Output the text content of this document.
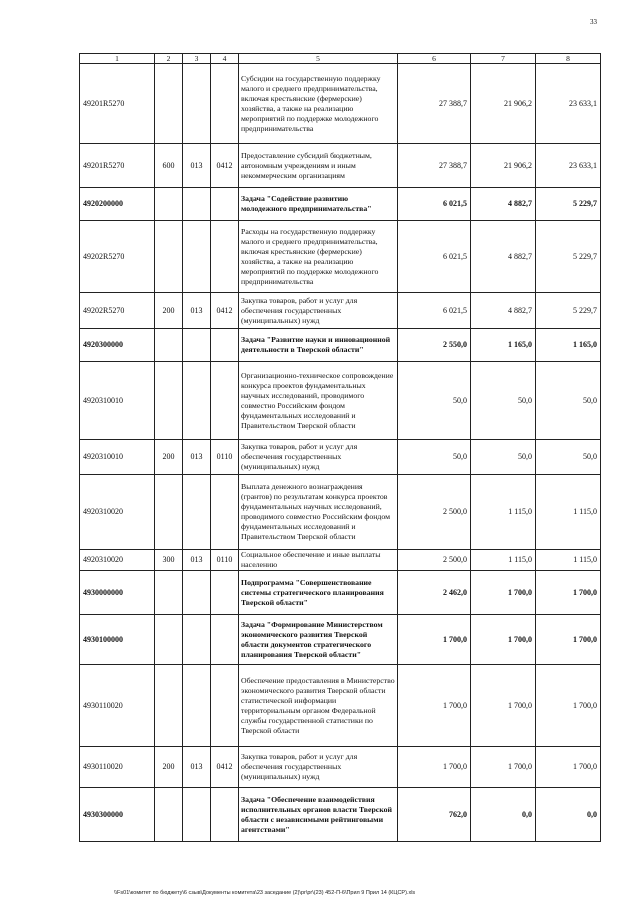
33
1	2	3	4	5	6	7	8
49201R5270				Субсидии на государственную поддержку малого и среднего предпринимательства, включая крестьянские (фермерские) хозяйства, а также на реализацию мероприятий по поддержке молодежного предпринимательства	27 388,7	21 906,2	23 633,1
49201R5270	600	013	0412	Предоставление субсидий бюджетным, автономным учреждениям и иным некоммерческим организациям	27 388,7	21 906,2	23 633,1
4920200000				Задача "Содействие развитию молодежного предпринимательства"	6 021,5	4 882,7	5 229,7
49202R5270				Расходы на государственную поддержку малого и среднего предпринимательства, включая крестьянские (фермерские) хозяйства, а также на реализацию мероприятий по поддержке молодежного предпринимательства	6 021,5	4 882,7	5 229,7
49202R5270	200	013	0412	Закупка товаров, работ и услуг для обеспечения государственных (муниципальных) нужд	6 021,5	4 882,7	5 229,7
4920300000				Задача "Развитие науки и инновационной деятельности в Тверской области"	2 550,0	1 165,0	1 165,0
4920310010				Организационно-техническое сопровождение конкурса проектов фундаментальных научных исследований, проводимого совместно Российским фондом фундаментальных исследований и Правительством Тверской области	50,0	50,0	50,0
4920310010	200	013	0110	Закупка товаров, работ и услуг для обеспечения государственных (муниципальных) нужд	50,0	50,0	50,0
4920310020				Выплата денежного вознаграждения (грантов) по результатам конкурса проектов фундаментальных научных исследований, проводимого совместно Российским фондом фундаментальных исследований и Правительством Тверской области	2 500,0	1 115,0	1 115,0
4920310020	300	013	0110	Социальное обеспечение и иные выплаты населению	2 500,0	1 115,0	1 115,0
4930000000				Подпрограмма "Совершенствование системы стратегического планирования Тверской области"	2 462,0	1 700,0	1 700,0
4930100000				Задача "Формирование Министерством экономического развития Тверской области документов стратегического планирования Тверской области"	1 700,0	1 700,0	1 700,0
4930110020				Обеспечение предоставления в Министерство экономического развития Тверской области статистической информации территориальным органом Федеральной службы государственной статистики по Тверской области	1 700,0	1 700,0	1 700,0
4930110020	200	013	0412	Закупка товаров, работ и услуг для обеспечения государственных (муниципальных) нужд	1 700,0	1 700,0	1 700,0
4930300000				Задача "Обеспечение взаимодействия исполнительных органов власти Тверской области с независимыми рейтинговыми агентствами"	762,0	0,0	0,0
\\Fs01\комитет по бюджету\6 сзыв\Документы комитета\23 заседание (2)\pr\pr\(23) 452-П-6\Прил 9 Прил 14 (КЦСР).xls
